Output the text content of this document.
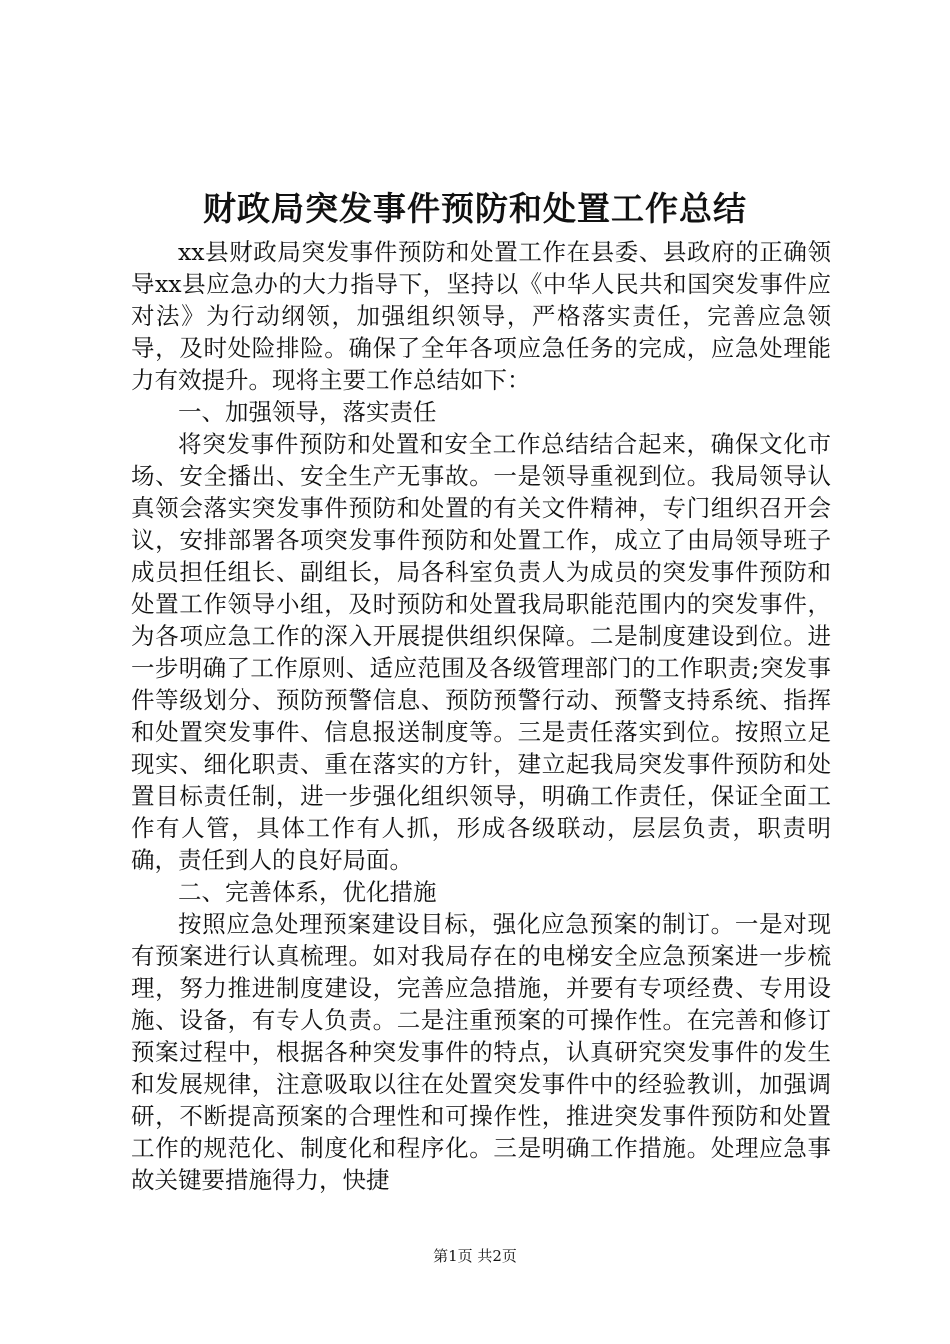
财政局突发事件预防和处置工作总结

xx县财政局突发事件预防和处置工作在县委、县政府的正确领导xx县应急办的大力指导下，坚持以《中华人民共和国突发事件应对法》为行动纲领，加强组织领导，严格落实责任，完善应急领导，及时处险排险。确保了全年各项应急任务的完成，应急处理能力有效提升。现将主要工作总结如下：

一、加强领导，落实责任

将突发事件预防和处置和安全工作总结结合起来，确保文化市场、安全播出、安全生产无事故。一是领导重视到位。我局领导认真领会落实突发事件预防和处置的有关文件精神，专门组织召开会议，安排部署各项突发事件预防和处置工作，成立了由局领导班子成员担任组长、副组长，局各科室负责人为成员的突发事件预防和处置工作领导小组，及时预防和处置我局职能范围内的突发事件，为各项应急工作的深入开展提供组织保障。二是制度建设到位。进一步明确了工作原则、适应范围及各级管理部门的工作职责;突发事件等级划分、预防预警信息、预防预警行动、预警支持系统、指挥和处置突发事件、信息报送制度等。三是责任落实到位。按照立足现实、细化职责、重在落实的方针，建立起我局突发事件预防和处置目标责任制，进一步强化组织领导，明确工作责任，保证全面工作有人管，具体工作有人抓，形成各级联动，层层负责，职责明确，责任到人的良好局面。

二、完善体系，优化措施

按照应急处理预案建设目标，强化应急预案的制订。一是对现有预案进行认真梳理。如对我局存在的电梯安全应急预案进一步梳理，努力推进制度建设，完善应急措施，并要有专项经费、专用设施、设备，有专人负责。二是注重预案的可操作性。在完善和修订预案过程中，根据各种突发事件的特点，认真研究突发事件的发生和发展规律，注意吸取以往在处置突发事件中的经验教训，加强调研，不断提高预案的合理性和可操作性，推进突发事件预防和处置工作的规范化、制度化和程序化。三是明确工作措施。处理应急事故关键要措施得力，快捷

第1页 共2页
